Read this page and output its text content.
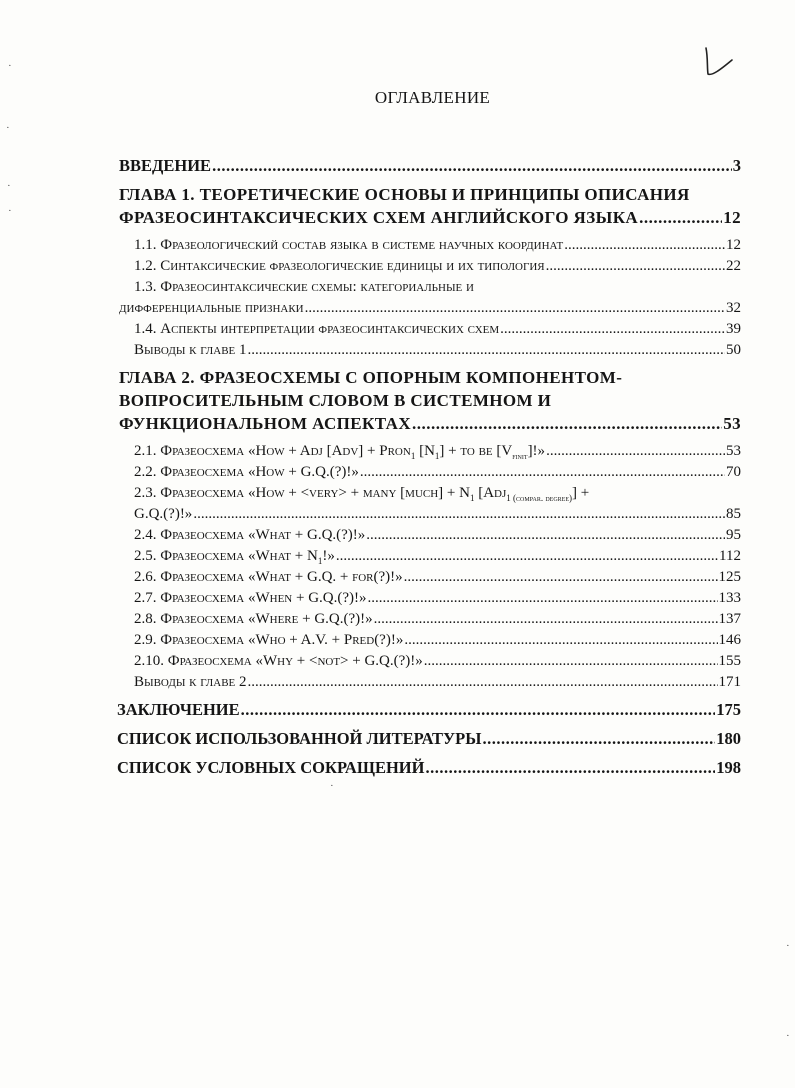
·
·
·
·
·
·
·
ОГЛАВЛЕНИЕ
ВВЕДЕНИЕ .....	3
ГЛАВА 1. ТЕОРЕТИЧЕСКИЕ ОСНОВЫ И ПРИНЦИПЫ ОПИСАНИЯ
ФРАЗЕОСИНТАКСИЧЕСКИХ СХЕМ АНГЛИЙСКОГО ЯЗЫКА .....	12
1.1. Фразеологический состав языка в системе научных координат .....	12
1.2. Синтаксические фразеологические единицы и их типология .....	22
1.3. Фразеосинтаксические схемы: категориальные и
дифференциальные признаки .....	32
1.4. Аспекты интерпретации фразеосинтаксических схем .....	39
Выводы к главе 1 .....	50
ГЛАВА 2. ФРАЗЕОСХЕМЫ С ОПОРНЫМ КОМПОНЕНТОМ-
ВОПРОСИТЕЛЬНЫМ СЛОВОМ В СИСТЕМНОМ И
ФУНКЦИОНАЛЬНОМ АСПЕКТАХ .....	53
2.1. Фразеосхема «How + Adj [Adv] + Pron$_1$ $[N_1]$ + to be $[V_{finit}]$!» .....	53
2.2. Фразеосхема «How + G.Q.(?)!» .....	70
2.3. Фразеосхема «How + <very> + many [much] + $N_1$ [Adj$_{1 (compar. degree)}$] +
G.Q.(?)!» .....	85
2.4. Фразеосхема «What + G.Q.(?)!» .....	95
2.5. Фразеосхема «What + $N_1$!» .....	112
2.6. Фразеосхема «What + G.Q. + for(?)!» .....	125
2.7. Фразеосхема «When + G.Q.(?)!» .....	133
2.8. Фразеосхема «Where + G.Q.(?)!» .....	137
2.9. Фразеосхема «Who + A.V. + Pred(?)!» .....	146
2.10. Фразеосхема «Why + <not> + G.Q.(?)!» .....	155
Выводы к главе 2 .....	171
ЗАКЛЮЧЕНИЕ .....	175
СПИСОК ИСПОЛЬЗОВАННОЙ ЛИТЕРАТУРЫ .....	180
СПИСОК УСЛОВНЫХ СОКРАЩЕНИЙ .....	198
